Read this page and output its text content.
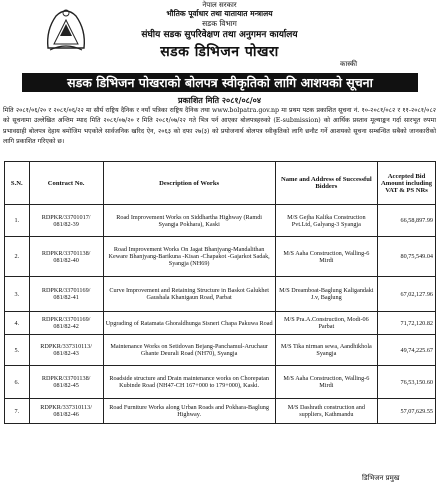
नेपाल सरकार
भौतिक पूर्वाधार तथा यातायात मन्त्रालय
सडक विभाग
संघीय सडक सुपरिवेक्षण तथा अनुगमन कार्यालय
सडक डिभिजन पोखरा
कास्की
सडक डिभिजन पोखराको बोलपत्र स्वीकृतिको लागि आशयको सूचना
प्रकाशित मिति २०८१/०८/०४
मिति २०८१/०६/२० र २०८१/०६/२२ मा सौर्य राष्ट्रिय दैनिक र नयाँ पत्रिका राष्ट्रिय दैनिक तथा www.bolpatra.gov.np मा प्रथम पटक प्रकाशित सूचना नं. १०-२०८१/०८२ र ११-२०८१/०८२ को सूचनामा उल्लेखित अन्तिम म्याद मिति २०८१/०७/२० र मिति २०८१/०७/२२ गते भित्र पर्न आएका बोलपत्रहरुको (E-submission) को आर्थिक प्रस्ताव मूल्याङ्कन गर्दा सारभूत रुपमा प्रभावग्राही बोलपत्र देहाय बमोजिम भएकोले सार्वजनिक खरिद ऐन, २०६३ को दफा २७(३) को प्रयोजनार्थ बोलपत्र स्वीकृतिको लागि छनौट गर्ने आशयको सूचना सम्बन्धित सबैको जानकारीको लागि प्रकाशित गरिएको छ।
S.N.	Contract No.	Description of Works	Name and Address of Successful Bidders	Accepted Bid Amount including VAT & PS NRs
1.	RDPKR/33701017/ 081/82-39	Road Improvement Works on Siddhartha Highway (Ramdi Syangja Pokhara), Kaski	M/S Gejha Kalika Construction Pvt.Ltd, Galyang-3 Syangja	66,58,897.99
2.	RDPKR/33701138/ 081/82-40	Road Improvement Works On Jagat Bhanjyang-Mandalithan Keware Bhanjyang-Barikuna -Kisan -Chapakot -Gajarkot Sadak, Syangja (NH69)	M/S Aaha Construction, Walling-6 Mirdi	80,75,549.04
3.	RDPKR/33701169/ 081/82-41	Curve Improvement and Retaining Structure in Baskot Galukhet Gaushala Khanigaun Road, Parbat	M/S Dreamboat-Baglung Kaligandaki J.v, Baglung	67,02,127.96
4.	RDPKR/33701169/ 081/82-42	Upgrading of Ratamata Ghoraldhunga Sisneri Chapa Pakuwa Road	M/S Pra.A.Construction, Modi-06 Parbat	71,72,120.82
5.	RDPKR/337310113/ 081/82-43	Maintenance Works on Setidovan Bejang-Panchamul-Aruchaur Ghante Deurali Road (NH70), Syangja	M/S Tika nirman sewa, Aandhikhola Syangja	49,74,225.67
6.	RDPKR/33701138/ 081/82-45	Roadside structure and Drain maintenance works on Chorepatan Kubinde Road (NH47-CH 167+000 to 179+000), Kaski.	M/S Aaha Construction, Walling-6 Mirdi	76,53,150.60
7.	RDPKR/337310113/ 081/82-46	Road Furniture Works along Urban Roads and Pokhara-Baglung Highway.	M/S Dashrath construction and suppliers, Kathmandu	57,07,629.55
डिभिजन प्रमुख
